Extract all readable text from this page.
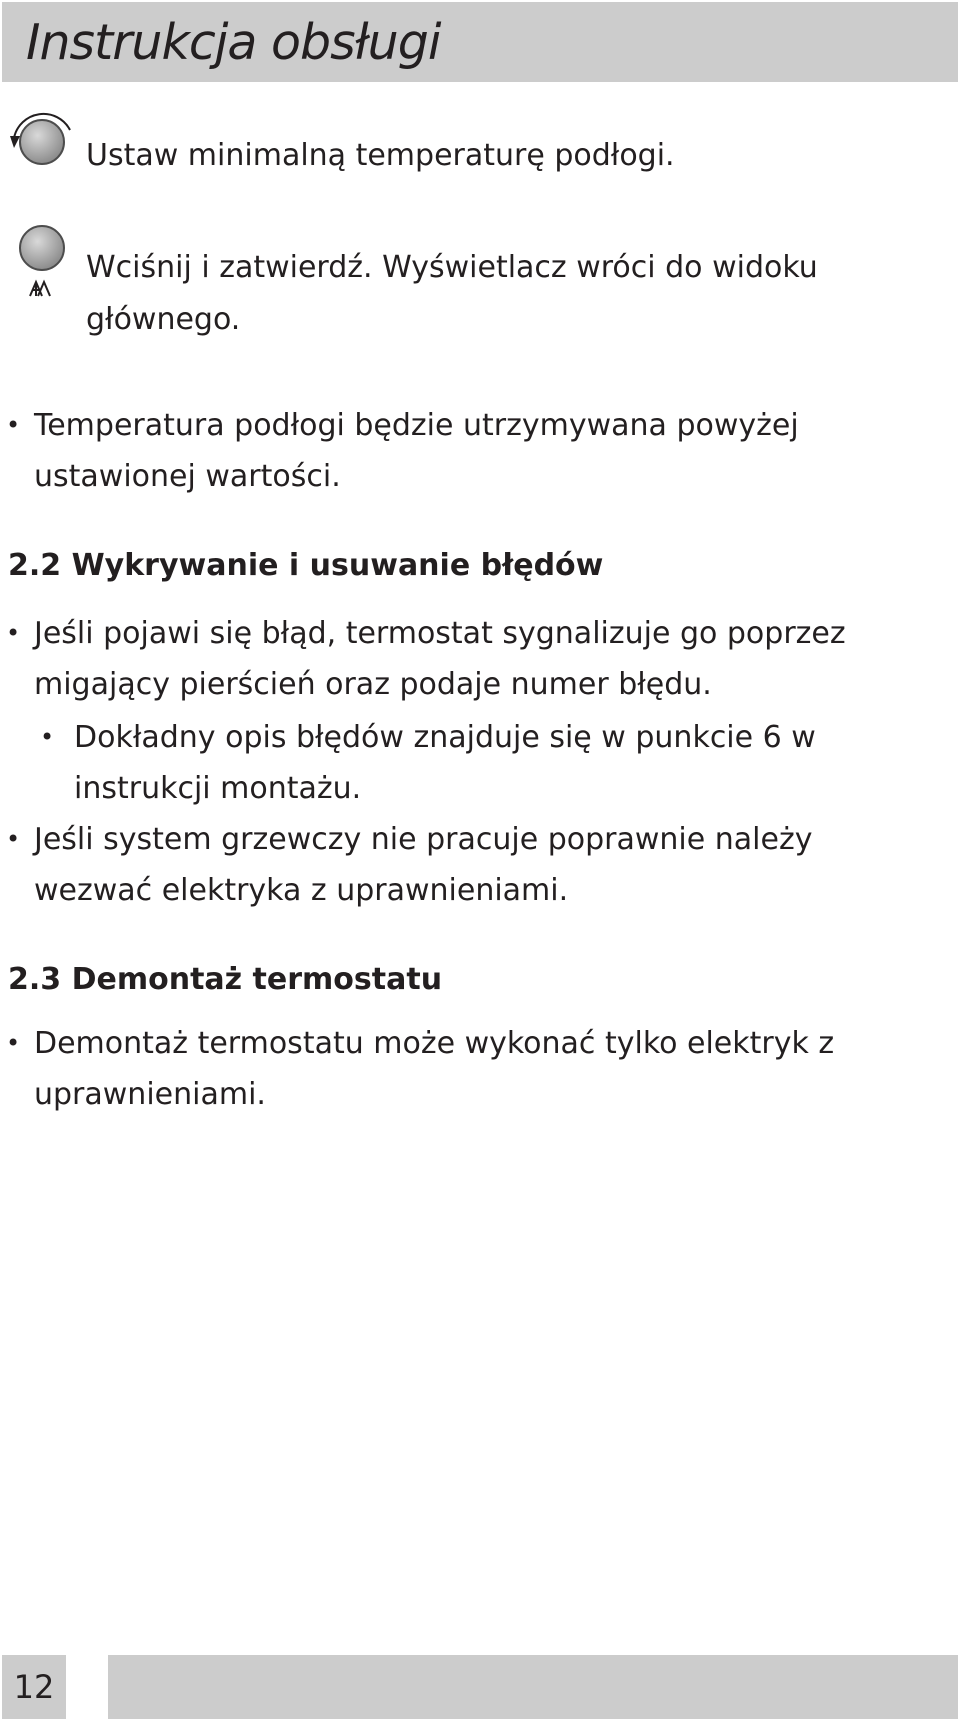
Instrukcja obsługi
Ustaw minimalną temperaturę podłogi.
Wciśnij i zatwierdź. Wyświetlacz wróci do widoku głównego.
• Temperatura podłogi będzie utrzymywana powyżej ustawionej wartości.
2.2 Wykrywanie i usuwanie błędów
• Jeśli pojawi się błąd, termostat sygnalizuje go poprzez migający pierścień oraz podaje numer błędu.
• Dokładny opis błędów znajduje się w punkcie 6 w instrukcji montażu.
• Jeśli system grzewczy nie pracuje poprawnie należy wezwać elektryka z uprawnieniami.
2.3 Demontaż termostatu
• Demontaż termostatu może wykonać tylko elektryk z uprawnieniami.
12
